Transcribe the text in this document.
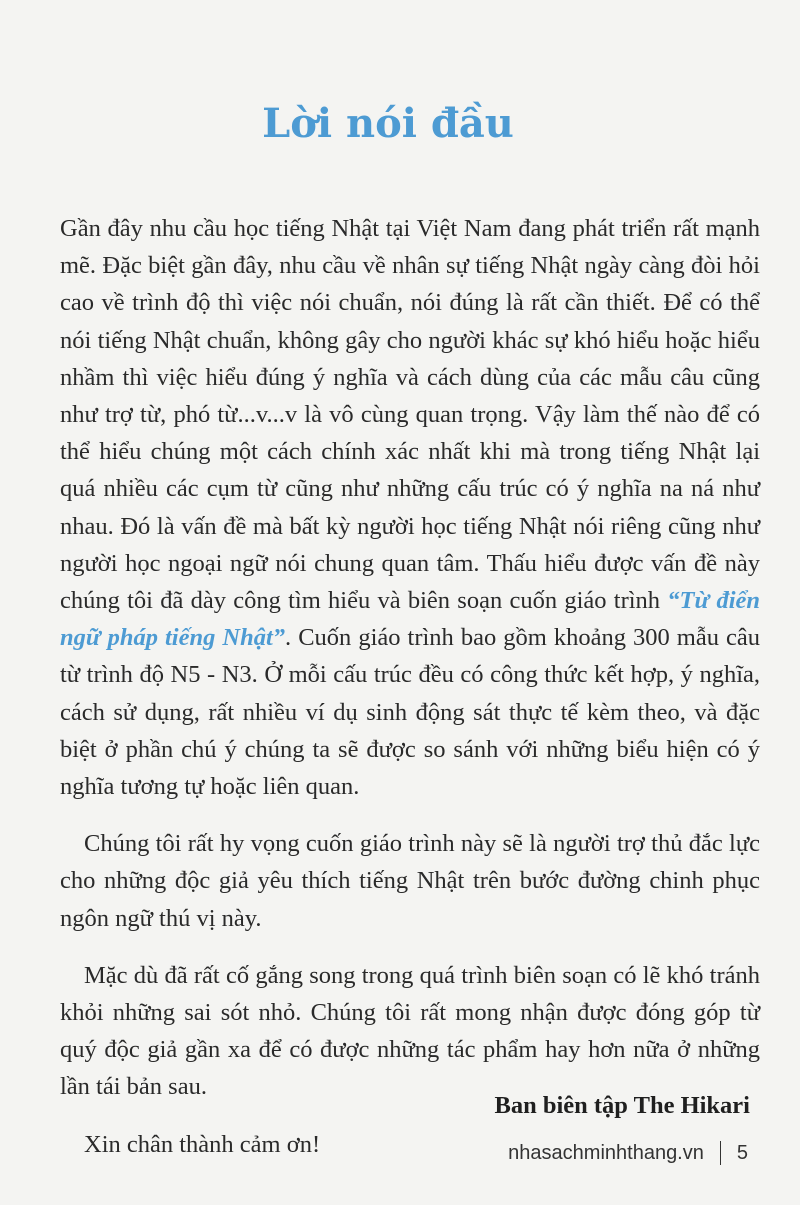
Lời nói đầu

Gần đây nhu cầu học tiếng Nhật tại Việt Nam đang phát triển rất mạnh mẽ. Đặc biệt gần đây, nhu cầu về nhân sự tiếng Nhật ngày càng đòi hỏi cao về trình độ thì việc nói chuẩn, nói đúng là rất cần thiết. Để có thể nói tiếng Nhật chuẩn, không gây cho người khác sự khó hiểu hoặc hiểu nhầm thì việc hiểu đúng ý nghĩa và cách dùng của các mẫu câu cũng như trợ từ, phó từ...v...v là vô cùng quan trọng. Vậy làm thế nào để có thể hiểu chúng một cách chính xác nhất khi mà trong tiếng Nhật lại quá nhiều các cụm từ cũng như những cấu trúc có ý nghĩa na ná như nhau. Đó là vấn đề mà bất kỳ người học tiếng Nhật nói riêng cũng như người học ngoại ngữ nói chung quan tâm. Thấu hiểu được vấn đề này chúng tôi đã dày công tìm hiểu và biên soạn cuốn giáo trình “Từ điển ngữ pháp tiếng Nhật”. Cuốn giáo trình bao gồm khoảng 300 mẫu câu từ trình độ N5 - N3. Ở mỗi cấu trúc đều có công thức kết hợp, ý nghĩa, cách sử dụng, rất nhiều ví dụ sinh động sát thực tế kèm theo, và đặc biệt ở phần chú ý chúng ta sẽ được so sánh với những biểu hiện có ý nghĩa tương tự hoặc liên quan.

Chúng tôi rất hy vọng cuốn giáo trình này sẽ là người trợ thủ đắc lực cho những độc giả yêu thích tiếng Nhật trên bước đường chinh phục ngôn ngữ thú vị này.

Mặc dù đã rất cố gắng song trong quá trình biên soạn có lẽ khó tránh khỏi những sai sót nhỏ. Chúng tôi rất mong nhận được đóng góp từ quý độc giả gần xa để có được những tác phẩm hay hơn nữa ở những lần tái bản sau.

Xin chân thành cảm ơn!

Ban biên tập The Hikari
nhasachminhthang.vn 5
